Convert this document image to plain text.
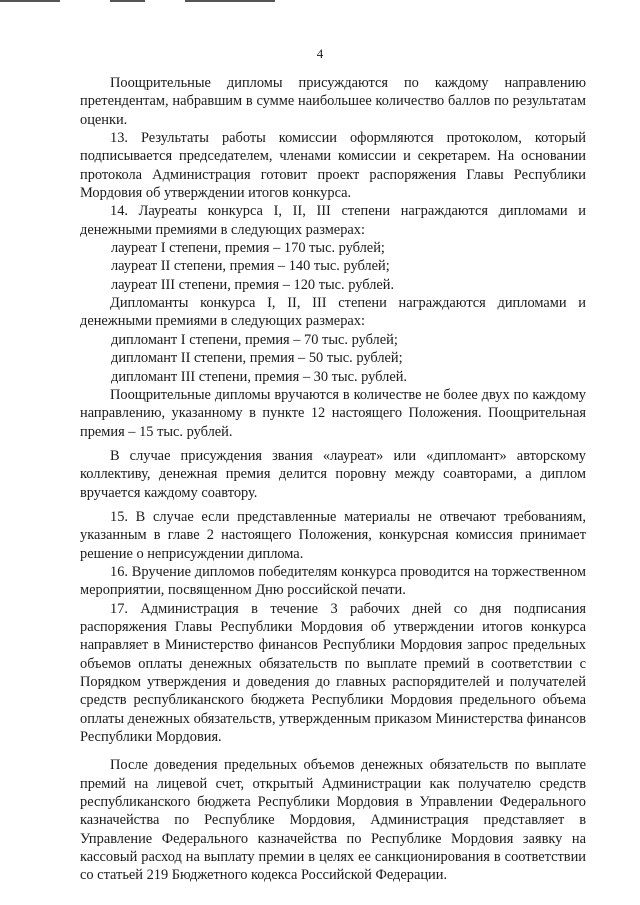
4

Поощрительные дипломы присуждаются по каждому направлению претендентам, набравшим в сумме наибольшее количество баллов по результатам оценки.

13. Результаты работы комиссии оформляются протоколом, который подписывается председателем, членами комиссии и секретарем. На основании протокола Администрация готовит проект распоряжения Главы Республики Мордовия об утверждении итогов конкурса.

14. Лауреаты конкурса I, II, III степени награждаются дипломами и денежными премиями в следующих размерах:

лауреат I степени, премия – 170 тыс. рублей;

лауреат II степени, премия – 140 тыс. рублей;

лауреат III степени, премия – 120 тыс. рублей.

Дипломанты конкурса I, II, III степени награждаются дипломами и денежными премиями в следующих размерах:

дипломант I степени, премия – 70 тыс. рублей;

дипломант II степени, премия – 50 тыс. рублей;

дипломант III степени, премия – 30 тыс. рублей.

Поощрительные дипломы вручаются в количестве не более двух по каждому направлению, указанному в пункте 12 настоящего Положения. Поощрительная премия – 15 тыс. рублей.

В случае присуждения звания «лауреат» или «дипломант» авторскому коллективу, денежная премия делится поровну между соавторами, а диплом вручается каждому соавтору.

15. В случае если представленные материалы не отвечают требованиям, указанным в главе 2 настоящего Положения, конкурсная комиссия принимает решение о неприсуждении диплома.

16. Вручение дипломов победителям конкурса проводится на торжественном мероприятии, посвященном Дню российской печати.

17. Администрация в течение 3 рабочих дней со дня подписания распоряжения Главы Республики Мордовия об утверждении итогов конкурса направляет в Министерство финансов Республики Мордовия запрос предельных объемов оплаты денежных обязательств по выплате премий в соответствии с Порядком утверждения и доведения до главных распорядителей и получателей средств республиканского бюджета Республики Мордовия предельного объема оплаты денежных обязательств, утвержденным приказом Министерства финансов Республики Мордовия.

После доведения предельных объемов денежных обязательств по выплате премий на лицевой счет, открытый Администрации как получателю средств республиканского бюджета Республики Мордовия в Управлении Федерального казначейства по Республике Мордовия, Администрация представляет в Управление Федерального казначейства по Республике Мордовия заявку на кассовый расход на выплату премии в целях ее санкционирования в соответствии со статьей 219 Бюджетного кодекса Российской Федерации.
